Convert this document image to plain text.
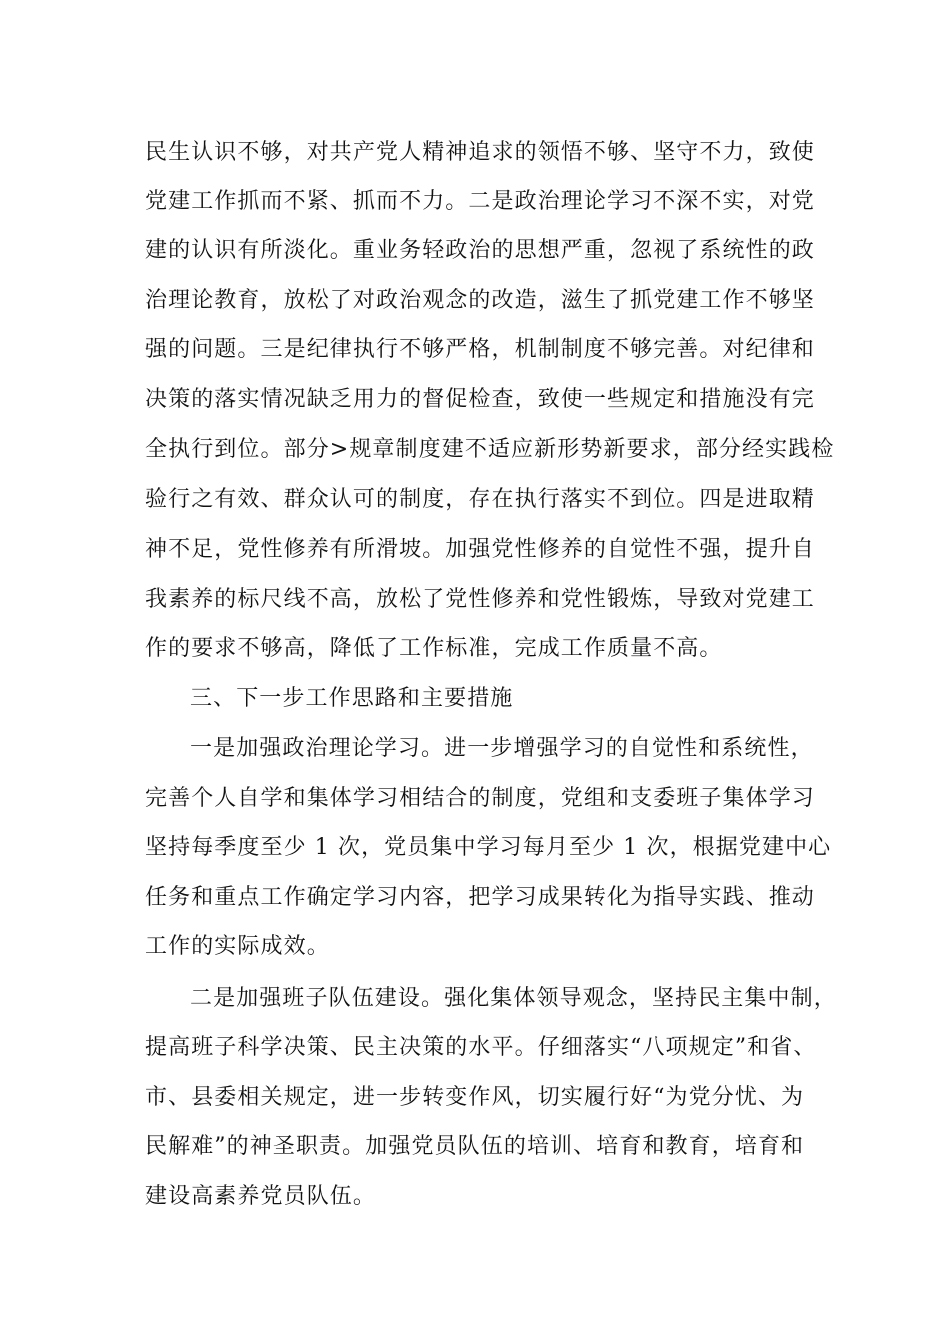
民生认识不够，对共产党人精神追求的领悟不够、坚守不力，致使
党建工作抓而不紧、抓而不力。二是政治理论学习不深不实，对党
建的认识有所淡化。重业务轻政治的思想严重，忽视了系统性的政
治理论教育，放松了对政治观念的改造，滋生了抓党建工作不够坚
强的问题。三是纪律执行不够严格，机制制度不够完善。对纪律和
决策的落实情况缺乏用力的督促检查，致使一些规定和措施没有完
全执行到位。部分>规章制度建不适应新形势新要求，部分经实践检
验行之有效、群众认可的制度，存在执行落实不到位。四是进取精
神不足，党性修养有所滑坡。加强党性修养的自觉性不强，提升自
我素养的标尺线不高，放松了党性修养和党性锻炼，导致对党建工
作的要求不够高，降低了工作标准，完成工作质量不高。
三、下一步工作思路和主要措施
一是加强政治理论学习。进一步增强学习的自觉性和系统性，
完善个人自学和集体学习相结合的制度，党组和支委班子集体学习
坚持每季度至少 1 次，党员集中学习每月至少 1 次，根据党建中心
任务和重点工作确定学习内容，把学习成果转化为指导实践、推动
工作的实际成效。
二是加强班子队伍建设。强化集体领导观念，坚持民主集中制，
提高班子科学决策、民主决策的水平。仔细落实“八项规定”和省、
市、县委相关规定，进一步转变作风，切实履行好“为党分忧、为
民解难”的神圣职责。加强党员队伍的培训、培育和教育，培育和
建设高素养党员队伍。
